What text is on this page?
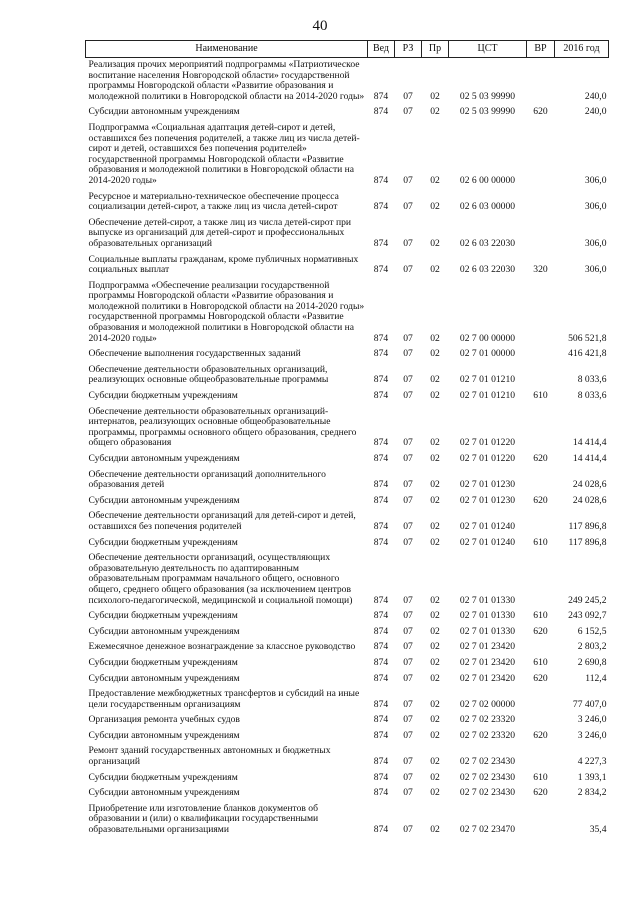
40
Наименование	Вед	РЗ	Пр	ЦСТ	ВР	2016 год
Реализация прочих мероприятий подпрограммы «Патриотическое воспитание населения Новгородской области» государственной программы Новгородской области «Развитие образования и молодежной политики в Новгородской области на 2014-2020 годы»	874	07	02	02 5 03 99990		240,0
Субсидии автономным учреждениям	874	07	02	02 5 03 99990	620	240,0
Подпрограмма «Социальная адаптация детей-сирот и детей, оставшихся без попечения родителей, а также лиц из числа детей-сирот и детей, оставшихся без попечения родителей» государственной программы Новгородской области «Развитие образования и молодежной политики в Новгородской области на 2014-2020 годы»	874	07	02	02 6 00 00000		306,0
Ресурсное и материально-техническое обеспечение процесса социализации детей-сирот, а также лиц из числа детей-сирот	874	07	02	02 6 03 00000		306,0
Обеспечение детей-сирот, а также лиц из числа детей-сирот при выпуске из организаций для детей-сирот и профессиональных образовательных организаций	874	07	02	02 6 03 22030		306,0
Социальные выплаты гражданам, кроме публичных нормативных социальных выплат	874	07	02	02 6 03 22030	320	306,0
Подпрограмма «Обеспечение реализации государственной программы Новгородской области «Развитие образования и молодежной политики в Новгородской области на 2014-2020 годы» государственной программы Новгородской области «Развитие образования и молодежной политики в Новгородской области на 2014-2020 годы»	874	07	02	02 7 00 00000		506 521,8
Обеспечение выполнения государственных заданий	874	07	02	02 7 01 00000		416 421,8
Обеспечение деятельности образовательных организаций, реализующих основные общеобразовательные программы	874	07	02	02 7 01 01210		8 033,6
Субсидии бюджетным учреждениям	874	07	02	02 7 01 01210	610	8 033,6
Обеспечение деятельности образовательных организаций-интернатов, реализующих основные общеобразовательные программы, программы основного общего образования, среднего общего образования	874	07	02	02 7 01 01220		14 414,4
Субсидии автономным учреждениям	874	07	02	02 7 01 01220	620	14 414,4
Обеспечение деятельности организаций дополнительного образования детей	874	07	02	02 7 01 01230		24 028,6
Субсидии автономным учреждениям	874	07	02	02 7 01 01230	620	24 028,6
Обеспечение деятельности организаций для детей-сирот и детей, оставшихся без попечения родителей	874	07	02	02 7 01 01240		117 896,8
Субсидии бюджетным учреждениям	874	07	02	02 7 01 01240	610	117 896,8
Обеспечение деятельности организаций, осуществляющих образовательную деятельность по адаптированным образовательным программам начального общего, основного общего, среднего общего образования (за исключением центров психолого-педагогической, медицинской и социальной помощи)	874	07	02	02 7 01 01330		249 245,2
Субсидии бюджетным учреждениям	874	07	02	02 7 01 01330	610	243 092,7
Субсидии автономным учреждениям	874	07	02	02 7 01 01330	620	6 152,5
Ежемесячное денежное вознаграждение за классное руководство	874	07	02	02 7 01 23420		2 803,2
Субсидии бюджетным учреждениям	874	07	02	02 7 01 23420	610	2 690,8
Субсидии автономным учреждениям	874	07	02	02 7 01 23420	620	112,4
Предоставление межбюджетных трансфертов и субсидий на иные цели государственным организациям	874	07	02	02 7 02 00000		77 407,0
Организация ремонта учебных судов	874	07	02	02 7 02 23320		3 246,0
Субсидии автономным учреждениям	874	07	02	02 7 02 23320	620	3 246,0
Ремонт зданий государственных автономных и бюджетных организаций	874	07	02	02 7 02 23430		4 227,3
Субсидии бюджетным учреждениям	874	07	02	02 7 02 23430	610	1 393,1
Субсидии автономным учреждениям	874	07	02	02 7 02 23430	620	2 834,2
Приобретение или изготовление бланков документов об образовании и (или) о квалификации государственными образовательными организациями	874	07	02	02 7 02 23470		35,4
